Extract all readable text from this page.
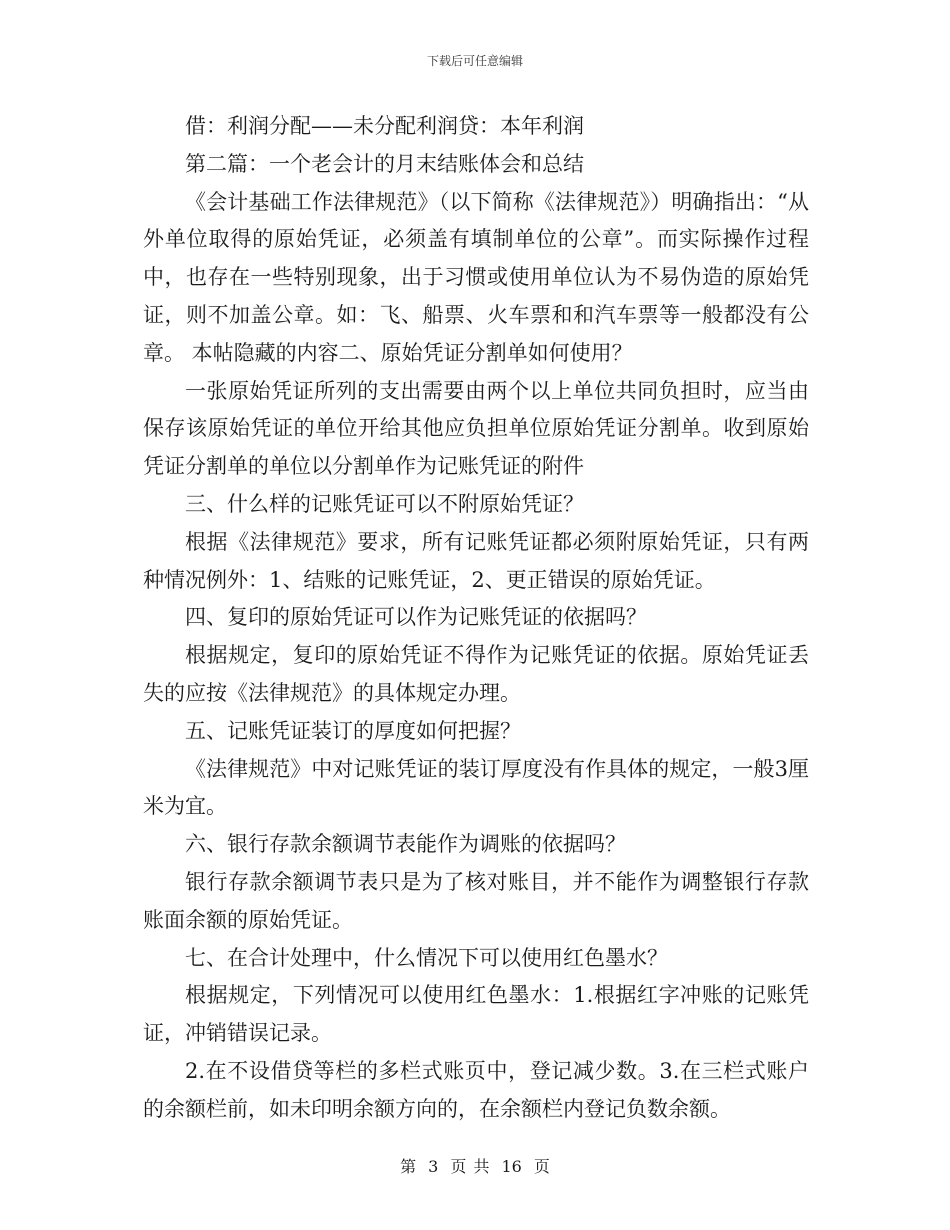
下载后可任意编辑

借：利润分配——未分配利润贷：本年利润

第二篇：一个老会计的月末结账体会和总结

《会计基础工作法律规范》（以下简称《法律规范》）明确指出：“从外单位取得的原始凭证，必须盖有填制单位的公章”。而实际操作过程中，也存在一些特别现象，出于习惯或使用单位认为不易伪造的原始凭证，则不加盖公章。如：飞、船票、火车票和和汽车票等一般都没有公章。 本帖隐藏的内容二、原始凭证分割单如何使用？

一张原始凭证所列的支出需要由两个以上单位共同负担时，应当由保存该原始凭证的单位开给其他应负担单位原始凭证分割单。收到原始凭证分割单的单位以分割单作为记账凭证的附件

三、什么样的记账凭证可以不附原始凭证？

根据《法律规范》要求，所有记账凭证都必须附原始凭证，只有两种情况例外：1、结账的记账凭证，2、更正错误的原始凭证。

四、复印的原始凭证可以作为记账凭证的依据吗？

根据规定，复印的原始凭证不得作为记账凭证的依据。原始凭证丢失的应按《法律规范》的具体规定办理。

五、记账凭证装订的厚度如何把握？

《法律规范》中对记账凭证的装订厚度没有作具体的规定，一般3厘米为宜。

六、银行存款余额调节表能作为调账的依据吗？

银行存款余额调节表只是为了核对账目，并不能作为调整银行存款账面余额的原始凭证。

七、在合计处理中，什么情况下可以使用红色墨水？

根据规定，下列情况可以使用红色墨水：1.根据红字冲账的记账凭证，冲销错误记录。

2.在不设借贷等栏的多栏式账页中，登记减少数。3.在三栏式账户的余额栏前，如未印明余额方向的，在余额栏内登记负数余额。

第 3 页 共 16 页
